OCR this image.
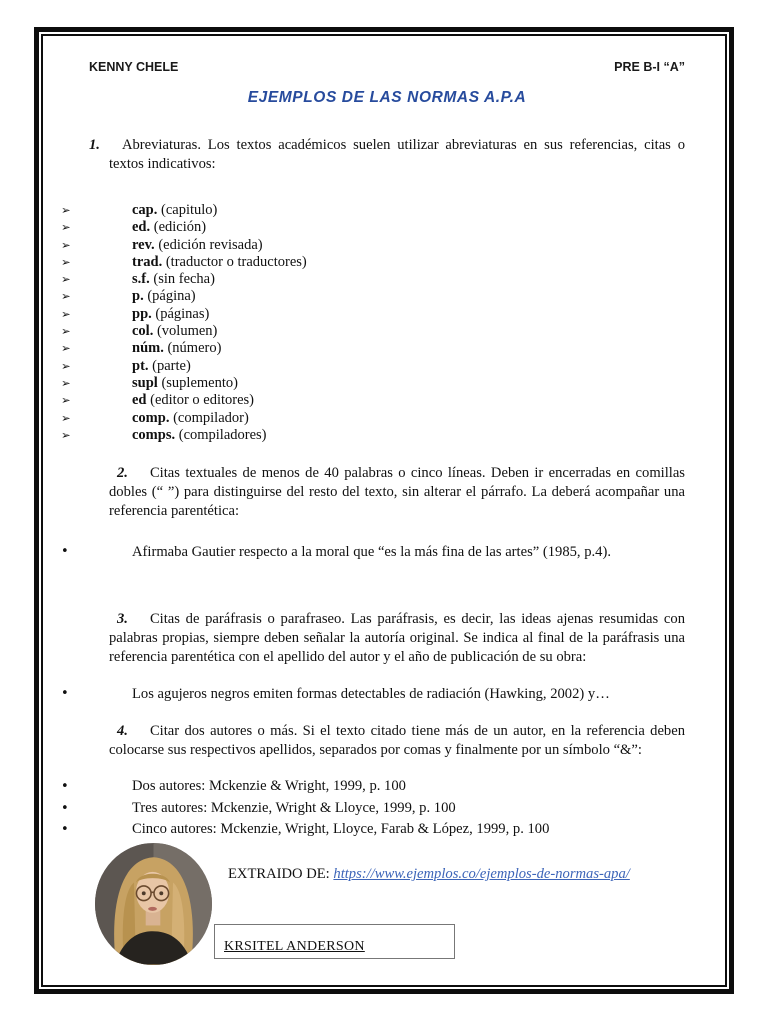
KENNY CHELE	PRE B-I “A”
EJEMPLOS DE LAS NORMAS A.P.A

1. Abreviaturas. Los textos académicos suelen utilizar abreviaturas en sus referencias, citas o textos indicativos:

➢	cap. (capitulo)
➢	ed. (edición)
➢	rev. (edición revisada)
➢	trad. (traductor o traductores)
➢	s.f. (sin fecha)
➢	p. (página)
➢	pp. (páginas)
➢	col. (volumen)
➢	núm. (número)
➢	pt. (parte)
➢	supl (suplemento)
➢	ed (editor o editores)
➢	comp. (compilador)
➢	comps. (compiladores)

2. Citas textuales de menos de 40 palabras o cinco líneas. Deben ir encerradas en comillas dobles (“ ”) para distinguirse del resto del texto, sin alterar el párrafo. La deberá acompañar una referencia parentética:

•	Afirmaba Gautier respecto a la moral que “es la más fina de las artes” (1985, p.4).

3. Citas de paráfrasis o parafraseo. Las paráfrasis, es decir, las ideas ajenas resumidas con palabras propias, siempre deben señalar la autoría original. Se indica al final de la paráfrasis una referencia parentética con el apellido del autor y el año de publicación de su obra:

•	Los agujeros negros emiten formas detectables de radiación (Hawking, 2002) y…

4. Citar dos autores o más. Si el texto citado tiene más de un autor, en la referencia deben colocarse sus respectivos apellidos, separados por comas y finalmente por un símbolo “&”:

•	Dos autores: Mckenzie & Wright, 1999, p. 100
•	Tres autores: Mckenzie, Wright & Lloyce, 1999, p. 100
•	Cinco autores: Mckenzie, Wright, Lloyce, Farab & López, 1999, p. 100
EXTRAIDO DE: https://www.ejemplos.co/ejemplos-de-normas-apa/
KRSITEL ANDERSON
